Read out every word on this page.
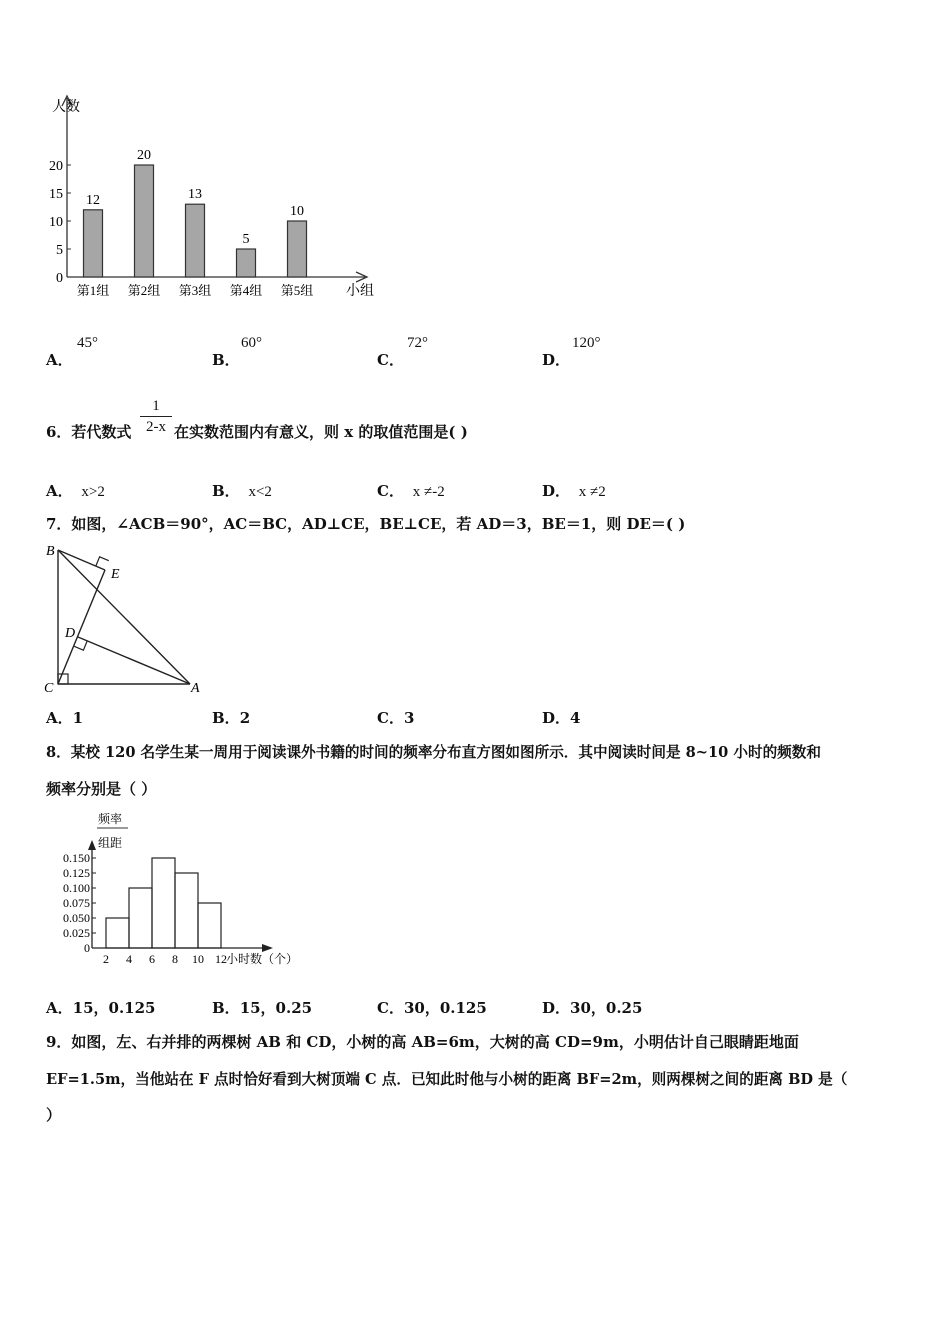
人数
小组
0
5
10
15
20
12
第1组
20
第2组
13
第3组
5
第4组
10
第5组
A．
45°
B．
60°
C．
72°
D．
120°
6．若代数式 $\frac{1}{2-x}$ 在实数范围内有意义，则 x 的取值范围是( )
A． x>2	B． x<2	C． x ≠-2	D． x ≠2
7．如图，∠ACB＝90°，AC＝BC，AD⊥CE，BE⊥CE，若 AD＝3，BE＝1，则 DE＝( )
B
E
D
C	A
A．1	B．2	C．3	D．4
8．某校 120 名学生某一周用于阅读课外书籍的时间的频率分布直方图如图所示．其中阅读时间是 8~10 小时的频数和
频率分别是（ ）
频率
组距
小时数（个）
0
0.025
0.050
0.075
0.100
0.125
0.150
2 4 6 8 10 12
A．15，0.125	B．15，0.25	C．30，0.125	D．30，0.25
9．如图，左、右并排的两棵树 AB 和 CD，小树的高 AB=6m，大树的高 CD=9m，小明估计自己眼睛距地面
EF=1.5m，当他站在 F 点时恰好看到大树顶端 C 点．已知此时他与小树的距离 BF=2m，则两棵树之间的距离 BD 是（
）
